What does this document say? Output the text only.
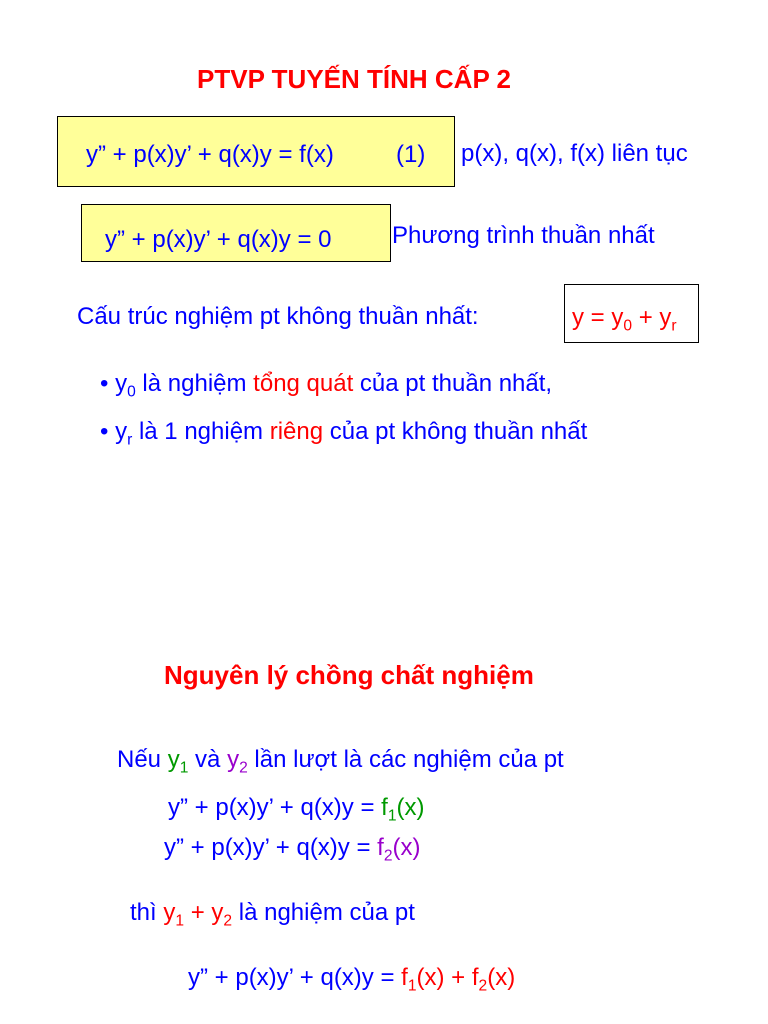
PTVP TUYẾN TÍNH CẤP 2
y” + p(x)y’ + q(x)y = f(x)	(1) p(x), q(x), f(x) liên tục
y” + p(x)y’ + q(x)y = 0	Phương trình thuần nhất
Cấu trúc nghiệm pt không thuần nhất:	$y = y_0 + y_r$
• $y_0$ là nghiệm tổng quát của pt thuần nhất,
• $y_r$ là 1 nghiệm riêng của pt không thuần nhất
Nguyên lý chồng chất nghiệm
Nếu $y_1$ và $y_2$ lần lượt là các nghiệm của pt
y” + p(x)y’ + $q(x)y = f_1(x)$
y” + p(x)y’ + $q(x)y = f_2(x)$
thì $y_1 + y_2$ là nghiệm của pt
y” + p(x)y’ + $q(x)y = f_1(x) + f_2(x)$
